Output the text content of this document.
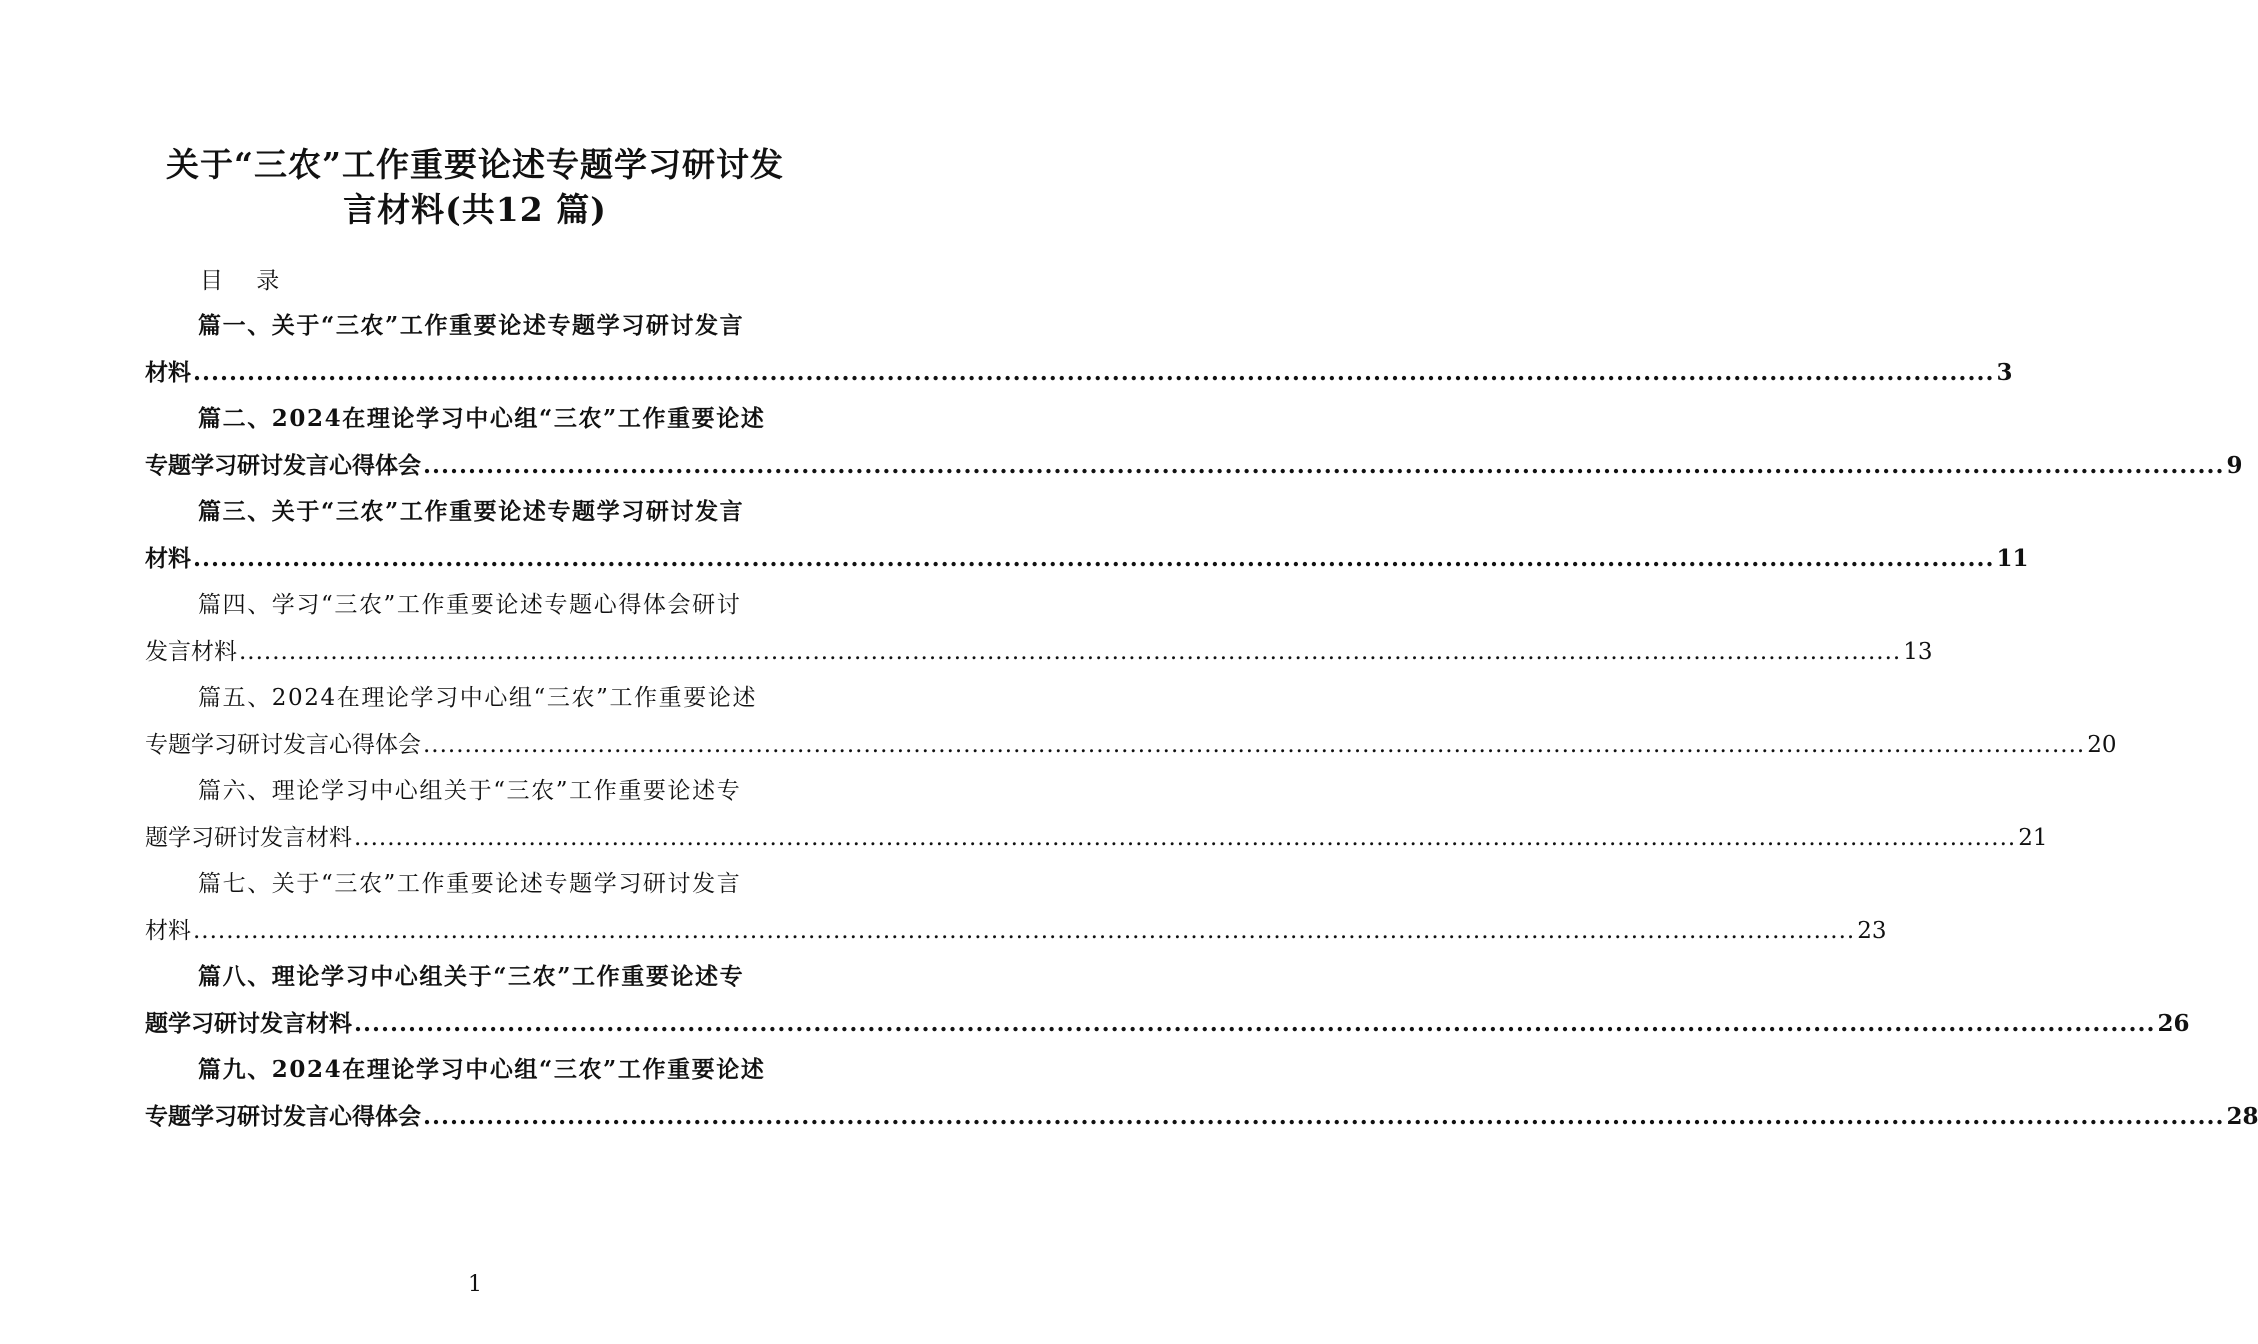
关于“三农”工作重要论述专题学习研讨发
言材料(共12 篇)
目 录
篇一、关于“三农”工作重要论述专题学习研讨发言
材料 ........................................................................................................................................................................................................ 3
篇二、2024在理论学习中心组“三农”工作重要论述
专题学习研讨发言心得体会 ........................................................................................................................................................................................................ 9
篇三、关于“三农”工作重要论述专题学习研讨发言
材料 ........................................................................................................................................................................................................ 11
篇四、学习“三农”工作重要论述专题心得体会研讨
发言材料 ........................................................................................................................................................................................................ 13
篇五、2024在理论学习中心组“三农”工作重要论述
专题学习研讨发言心得体会 ........................................................................................................................................................................................................ 20
篇六、理论学习中心组关于“三农”工作重要论述专
题学习研讨发言材料 ........................................................................................................................................................................................................ 21
篇七、关于“三农”工作重要论述专题学习研讨发言
材料 ........................................................................................................................................................................................................ 23
篇八、理论学习中心组关于“三农”工作重要论述专
题学习研讨发言材料 ........................................................................................................................................................................................................ 26
篇九、2024在理论学习中心组“三农”工作重要论述
专题学习研讨发言心得体会 ........................................................................................................................................................................................................ 28
1
